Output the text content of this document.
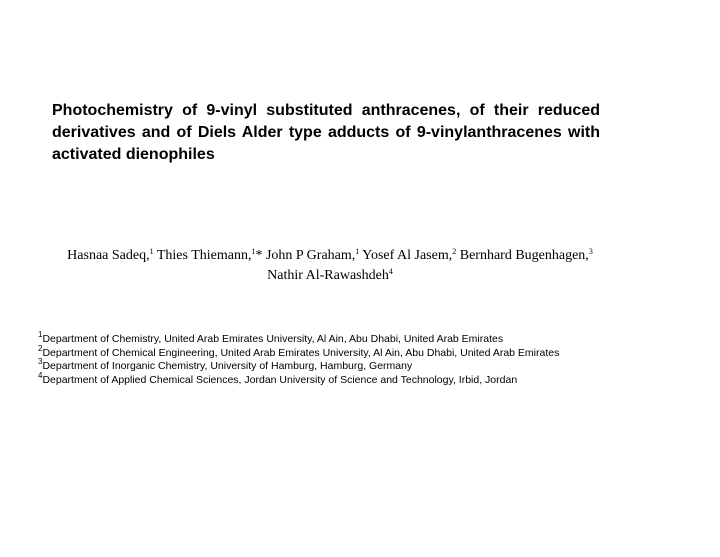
Photochemistry of 9-vinyl substituted anthracenes, of their reduced derivatives and of Diels Alder type adducts of 9-vinylanthracenes with activated dienophiles
Hasnaa Sadeq,$^1$ Thies Thiemann,$^1$* John P Graham,$^1$ Yosef Al Jasem,$^2$ Bernhard Bugenhagen,$^3$
Nathir Al-Rawashdeh$^4$
$^1$Department of Chemistry, United Arab Emirates University, Al Ain, Abu Dhabi, United Arab Emirates
$^2$Department of Chemical Engineering, United Arab Emirates University, Al Ain, Abu Dhabi, United Arab Emirates
$^3$Department of Inorganic Chemistry, University of Hamburg, Hamburg, Germany
$^4$Department of Applied Chemical Sciences, Jordan University of Science and Technology, Irbid, Jordan
